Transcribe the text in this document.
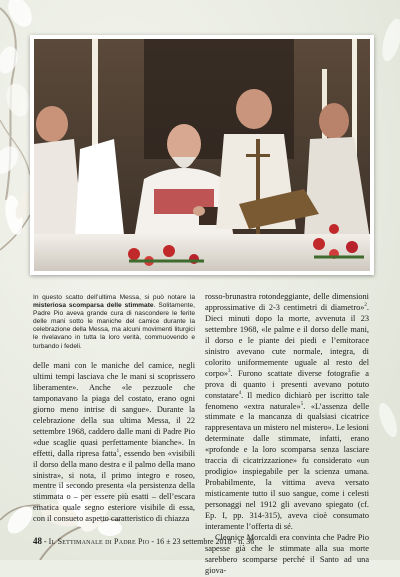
In questo scatto dell’ultima Messa, si può notare la misteriosa scomparsa delle stimmate. Solitamente, Padre Pio aveva grande cura di nascondere le ferite delle mani sotto le maniche del camice durante la celebrazione della Messa, ma alcuni movimenti liturgici le rivelavano in tutta la loro verità, commuovendo e turbando i fedeli.

delle mani con le maniche del camice, negli ultimi tempi lasciava che le mani si scoprissero liberamente». Anche «le pezzuole che tamponavano la piaga del costato, erano ogni giorno meno intrise di sangue». Durante la celebrazione della sua ultima Messa, il 22 settembre 1968, caddero dalle mani di Padre Pio «due scaglie quasi perfettamente bianche». In effetti, dalla ripresa fatta$^1$, essendo ben «visibili il dorso della mano destra e il palmo della mano sinistra», si nota, il primo integro e roseo, mentre il secondo presenta «la persistenza della stimmata o – per essere più esatti – dell’escara ematica quale segno esteriore visibile di essa, con il consueto aspetto caratteristico di chiazza

rosso-brunastra rotondeggiante, delle dimensioni approssimative di 2-3 centimetri di diametro»$^2$. Dieci minuti dopo la morte, avvenuta il 23 settembre 1968, «le palme e il dorso delle mani, il dorso e le piante dei piedi e l’emitorace sinistro avevano cute normale, integra, di colorito uniformemente uguale al resto del corpo»$^3$. Furono scattate diverse fotografie a prova di quanto i presenti avevano potuto constatare$^4$. Il medico dichiarò per iscritto tale fenomeno «extra naturale»$^5$. «L’assenza delle stimmate e la mancanza di qualsiasi cicatrice rappresentava un mistero nel mistero». Le lesioni determinate dalle stimmate, infatti, erano «profonde e la loro scomparsa senza lasciare traccia di cicatrizzazione» fu considerato «un prodigio» inspiegabile per la scienza umana. Probabilmente, la vittima aveva versato misticamente tutto il suo sangue, come i celesti personaggi nel 1912 gli avevano spiegato (cf. Ep. I, pp. 314-315), aveva cioè consumato interamente l’offerta di sé.

Cleonice Morcaldi era convinta che Padre Pio sapesse già che le stimmate alla sua morte sarebbero scomparse perché il Santo ad una giova-

48 - Il Settimanale di Padre Pio - 16 ± 23 settembre 2018 - n. 36
